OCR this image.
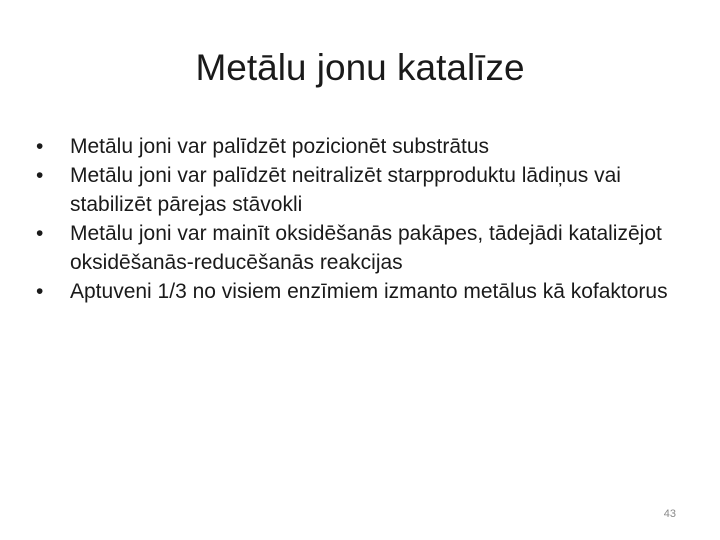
Metālu jonu katalīze
•	Metālu joni var palīdzēt pozicionēt substrātus
•	Metālu joni var palīdzēt neitralizēt starpproduktu lādiņus vai stabilizēt pārejas stāvokli
•	Metālu joni var mainīt oksidēšanās pakāpes, tādejādi katalizējot oksidēšanās-reducēšanās reakcijas
•	Aptuveni 1/3 no visiem enzīmiem izmanto metālus kā kofaktorus
43
